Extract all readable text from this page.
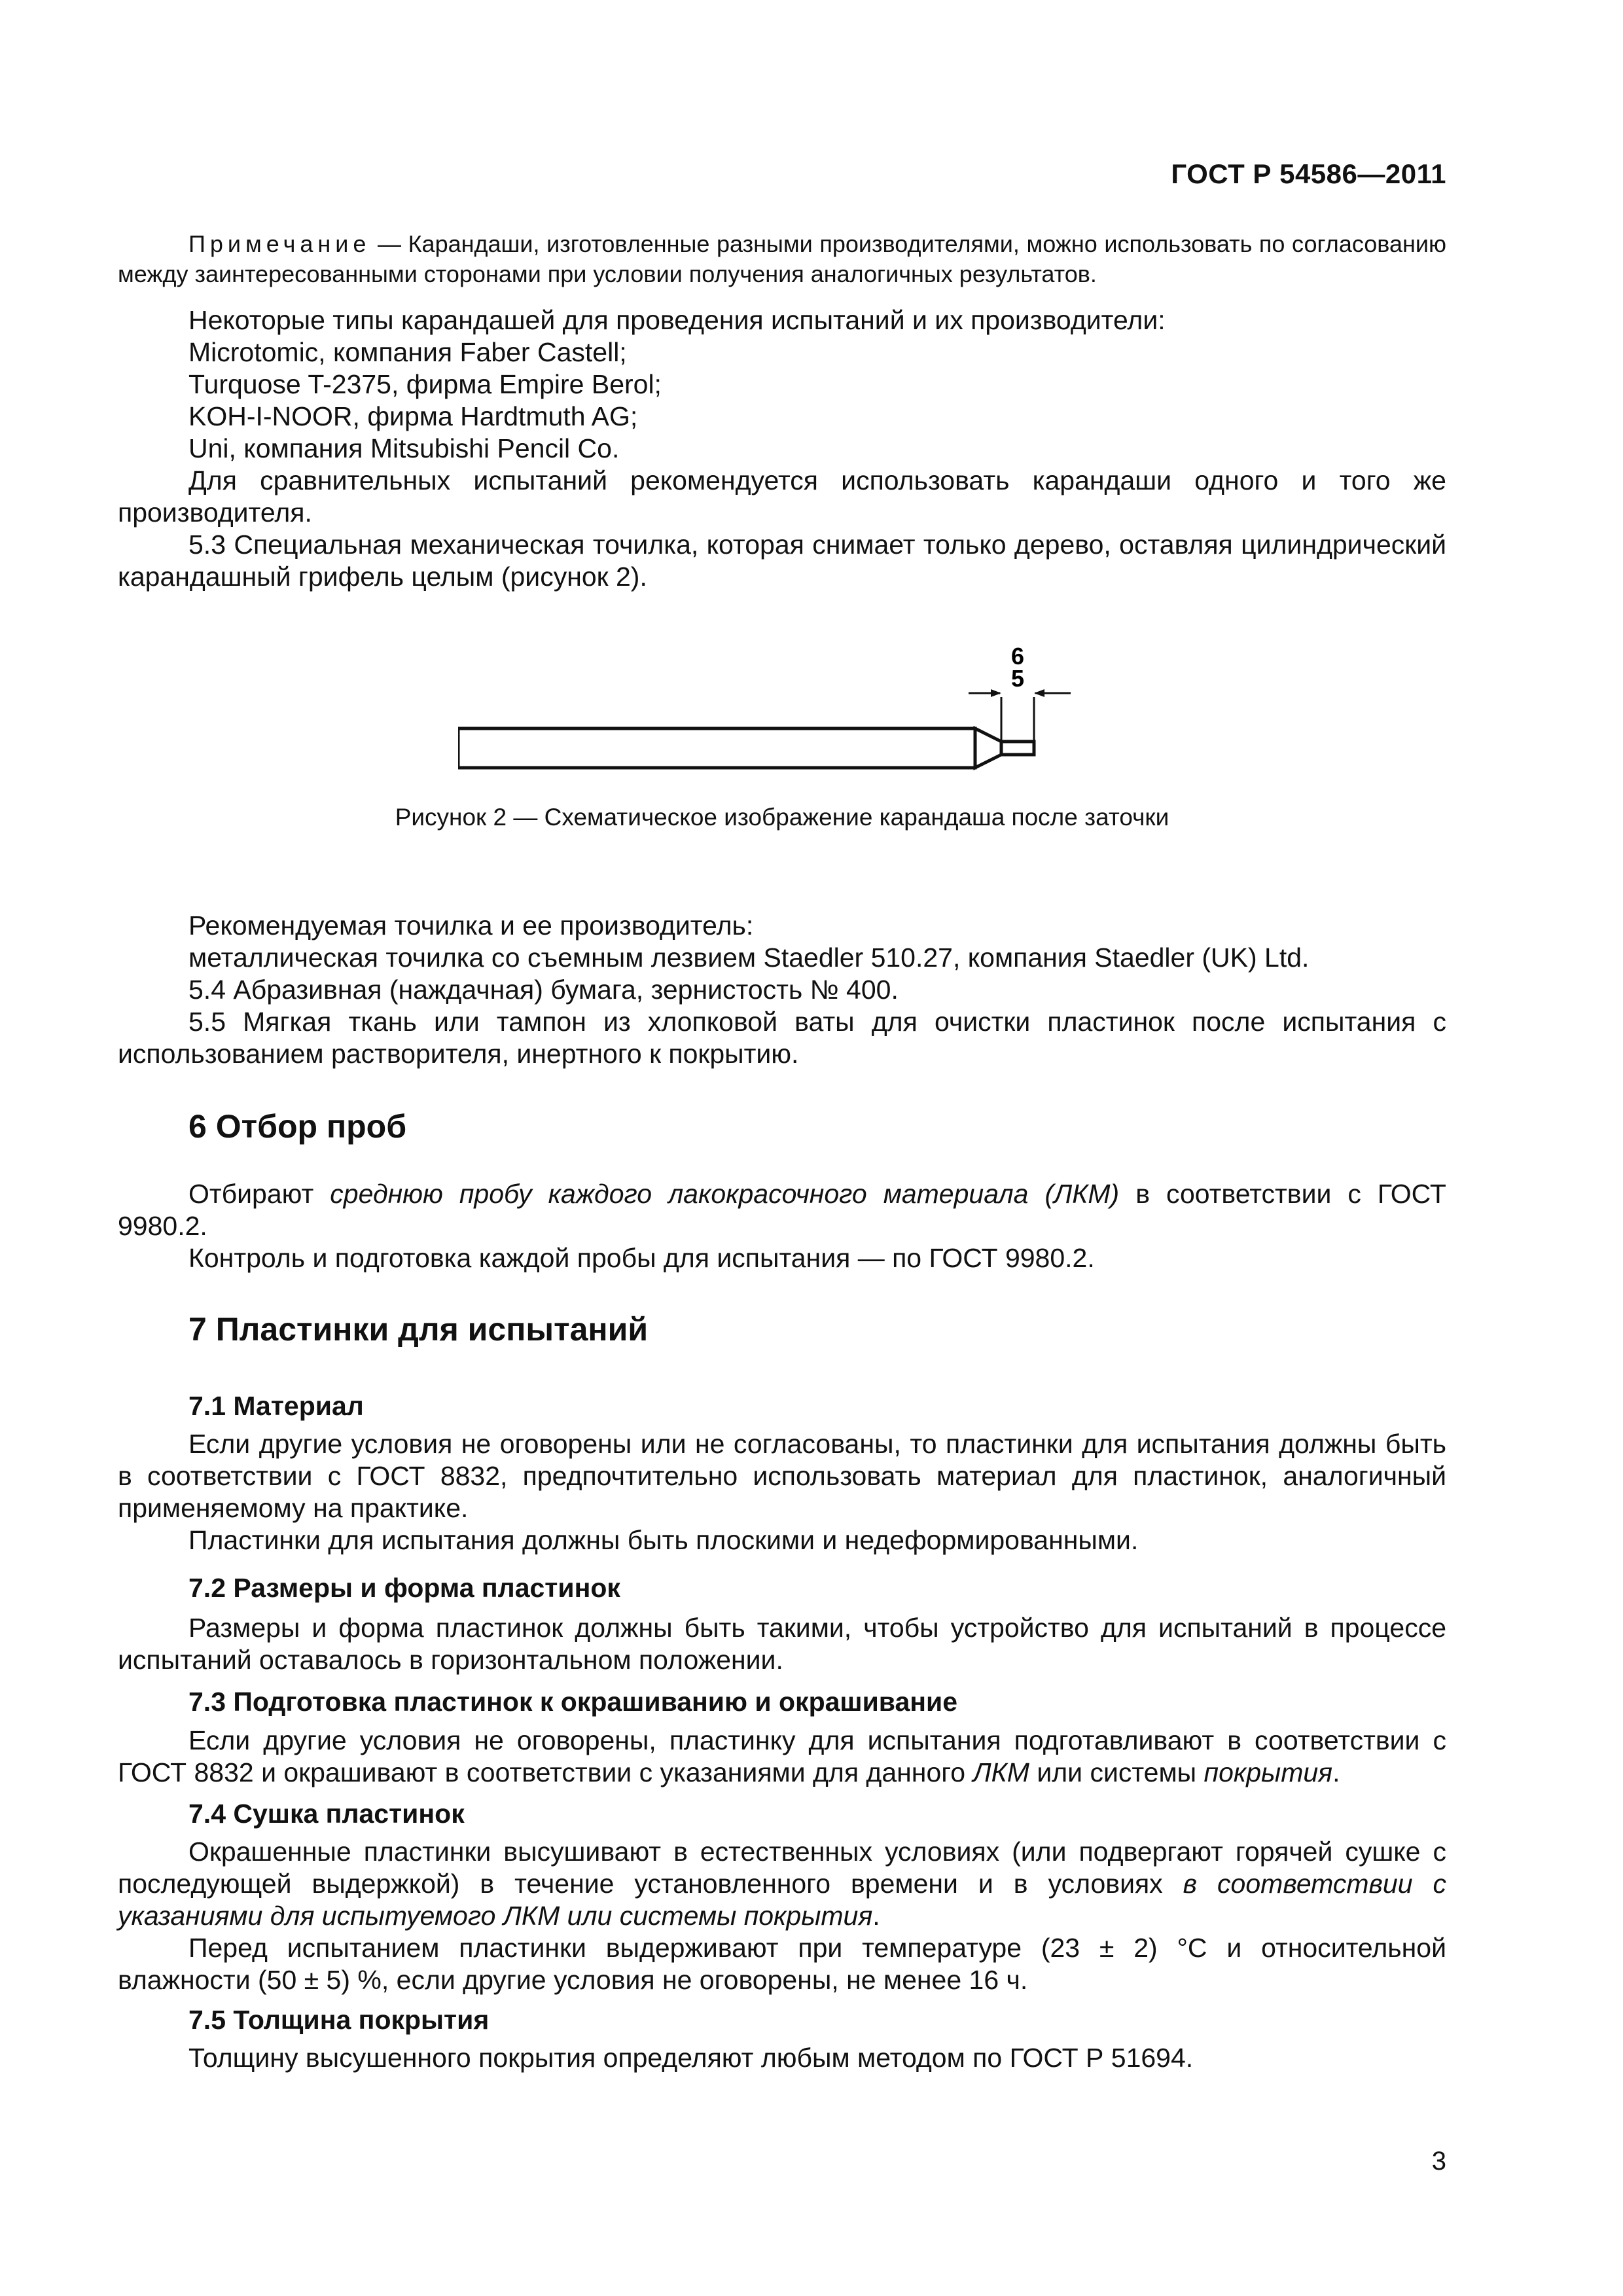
ГОСТ Р 54586—2011
Примечание — Карандаши, изготовленные разными производителями, можно использовать по согласованию между заинтересованными сторонами при условии получения аналогичных результатов.

Некоторые типы карандашей для проведения испытаний и их производители:

Microtomic, компания Faber Castell;

Turquose T-2375, фирма Empire Berol;

KOH-I-NOOR, фирма Hardtmuth AG;

Uni, компания Mitsubishi Pencil Co.

Для сравнительных испытаний рекомендуется использовать карандаши одного и того же производителя.

5.3 Специальная механическая точилка, которая снимает только дерево, оставляя цилиндрический карандашный грифель целым (рисунок 2).

6
5
Рисунок 2 — Схематическое изображение карандаша после заточки

Рекомендуемая точилка и ее производитель:

металлическая точилка со съемным лезвием Staedler 510.27, компания Staedler (UK) Ltd.

5.4 Абразивная (наждачная) бумага, зернистость № 400.

5.5 Мягкая ткань или тампон из хлопковой ваты для очистки пластинок после испытания с использованием растворителя, инертного к покрытию.

6 Отбор проб

Отбирают среднюю пробу каждого лакокрасочного материала (ЛКМ) в соответствии с ГОСТ 9980.2.

Контроль и подготовка каждой пробы для испытания — по ГОСТ 9980.2.

7 Пластинки для испытаний
7.1 Материал

Если другие условия не оговорены или не согласованы, то пластинки для испытания должны быть в соответствии с ГОСТ 8832, предпочтительно использовать материал для пластинок, аналогичный применяемому на практике.

Пластинки для испытания должны быть плоскими и недеформированными.

7.2 Размеры и форма пластинок

Размеры и форма пластинок должны быть такими, чтобы устройство для испытаний в процессе испытаний оставалось в горизонтальном положении.

7.3 Подготовка пластинок к окрашиванию и окрашивание

Если другие условия не оговорены, пластинку для испытания подготавливают в соответствии с ГОСТ 8832 и окрашивают в соответствии с указаниями для данного ЛКМ или системы покрытия.

7.4 Сушка пластинок

Окрашенные пластинки высушивают в естественных условиях (или подвергают горячей сушке с последующей выдержкой) в течение установленного времени и в условиях в соответствии с указаниями для испытуемого ЛКМ или системы покрытия.

Перед испытанием пластинки выдерживают при температуре (23 ± 2) °С и относительной влажности (50 ± 5) %, если другие условия не оговорены, не менее 16 ч.

7.5 Толщина покрытия

Толщину высушенного покрытия определяют любым методом по ГОСТ Р 51694.

3
